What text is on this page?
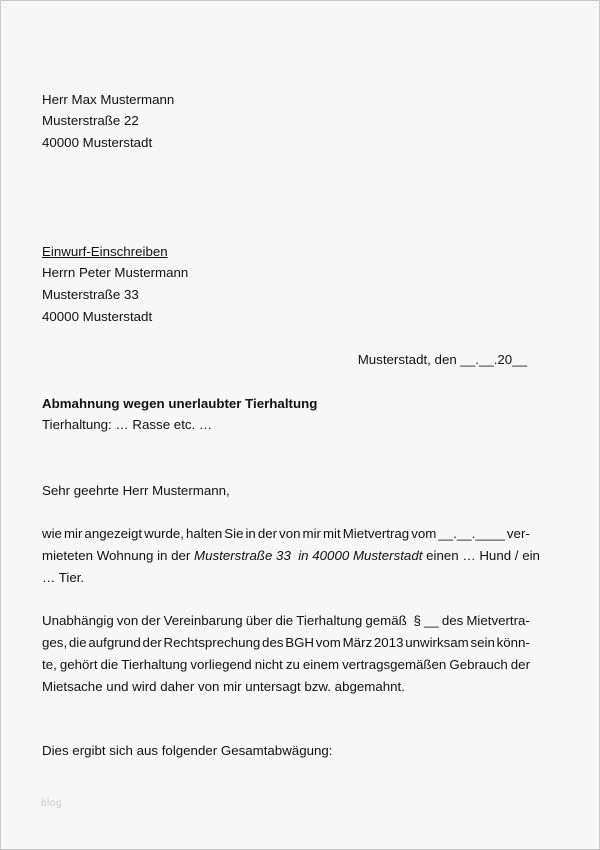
Herr Max Mustermann
Musterstraße 22
40000 Musterstadt
Einwurf-Einschreiben
Herrn Peter Mustermann
Musterstraße 33
40000 Musterstadt
Musterstadt, den __.__.20__
Abmahnung wegen unerlaubter Tierhaltung
Tierhaltung: … Rasse etc. …
Sehr geehrte Herr Mustermann,
wie mir angezeigt wurde, halten Sie in der von mir mit Mietvertrag vom __.__.____ ver-
mieteten Wohnung in der Musterstraße 33  in 40000 Musterstadt einen … Hund / ein
… Tier.
Unabhängig von der Vereinbarung über die Tierhaltung gemäß § __ des Mietvertra-
ges, die aufgrund der Rechtsprechung des BGH vom März 2013 unwirksam sein könn-
te, gehört die Tierhaltung vorliegend nicht zu einem vertragsgemäßen Gebrauch der
Mietsache und wird daher von mir untersagt bzw. abgemahnt.
Dies ergibt sich aus folgender Gesamtabwägung:
blog
